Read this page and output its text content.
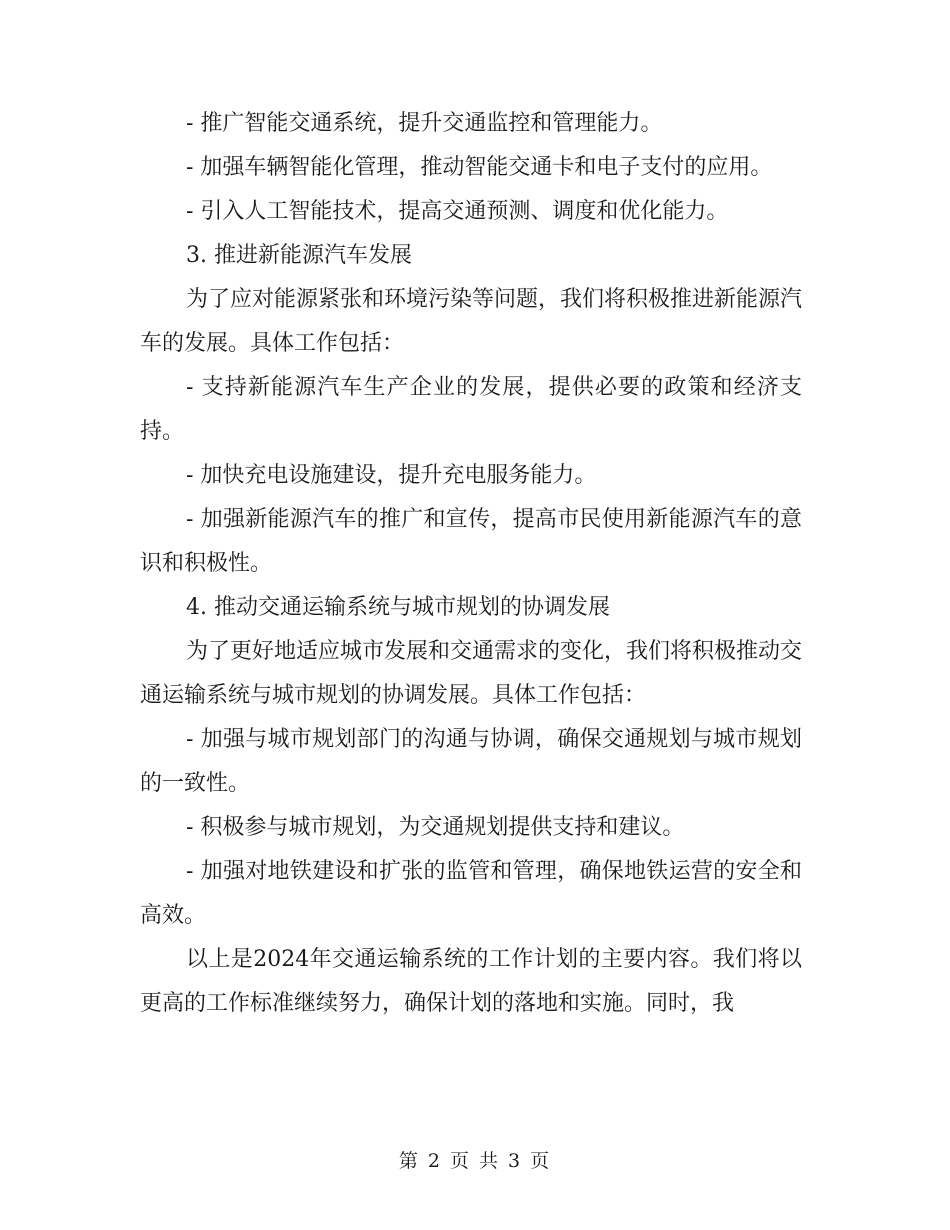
- 推广智能交通系统，提升交通监控和管理能力。

- 加强车辆智能化管理，推动智能交通卡和电子支付的应用。

- 引入人工智能技术，提高交通预测、调度和优化能力。

3. 推进新能源汽车发展

为了应对能源紧张和环境污染等问题，我们将积极推进新能源汽车的发展。具体工作包括：

- 支持新能源汽车生产企业的发展，提供必要的政策和经济支持。

- 加快充电设施建设，提升充电服务能力。

- 加强新能源汽车的推广和宣传，提高市民使用新能源汽车的意识和积极性。

4. 推动交通运输系统与城市规划的协调发展

为了更好地适应城市发展和交通需求的变化，我们将积极推动交通运输系统与城市规划的协调发展。具体工作包括：

- 加强与城市规划部门的沟通与协调，确保交通规划与城市规划的一致性。

- 积极参与城市规划，为交通规划提供支持和建议。

- 加强对地铁建设和扩张的监管和管理，确保地铁运营的安全和高效。

以上是2024年交通运输系统的工作计划的主要内容。我们将以更高的工作标准继续努力，确保计划的落地和实施。同时，我

第 2 页 共 3 页
